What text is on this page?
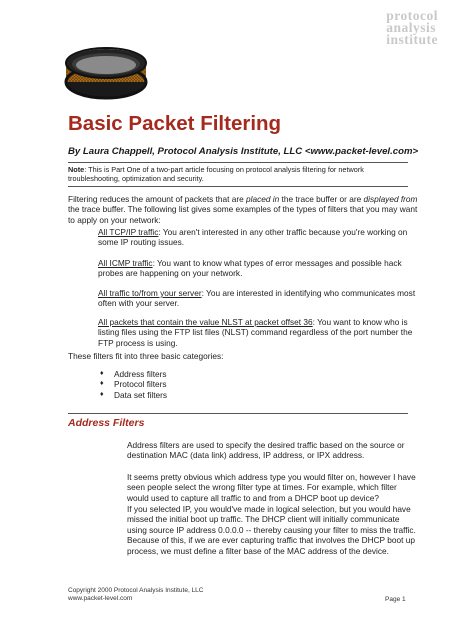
protocol
analysis
institute
Basic Packet Filtering
By Laura Chappell, Protocol Analysis Institute, LLC <www.packet-level.com>
Note: This is Part One of a two-part article focusing on protocol analysis filtering for network troubleshooting, optimization and security.

Filtering reduces the amount of packets that are placed in the trace buffer or are displayed from the trace buffer. The following list gives some examples of the types of filters that you may want to apply on your network:

All TCP/IP traffic: You aren't interested in any other traffic because you're working on some IP routing issues.

All ICMP traffic: You want to know what types of error messages and possible hack probes are happening on your network.

All traffic to/from your server: You are interested in identifying who communicates most often with your server.

All packets that contain the value NLST at packet offset 36: You want to know who is listing files using the FTP list files (NLST) command regardless of the port number the FTP process is using.

These filters fit into three basic categories:

♦ Address filters
♦ Protocol filters
♦ Data set filters
Address Filters

Address filters are used to specify the desired traffic based on the source or destination MAC (data link) address, IP address, or IPX address.

It seems pretty obvious which address type you would filter on, however I have seen people select the wrong filter type at times. For example, which filter would used to capture all traffic to and from a DHCP boot up device?

If you selected IP, you would've made in logical selection, but you would have missed the initial boot up traffic. The DHCP client will initially communicate using source IP address 0.0.0.0 -- thereby causing your filter to miss the traffic. Because of this, if we are ever capturing traffic that involves the DHCP boot up process, we must define a filter base of the MAC address of the device.

Copyright 2000 Protocol Analysis Institute, LLC
www.packet-level.com	Page 1
